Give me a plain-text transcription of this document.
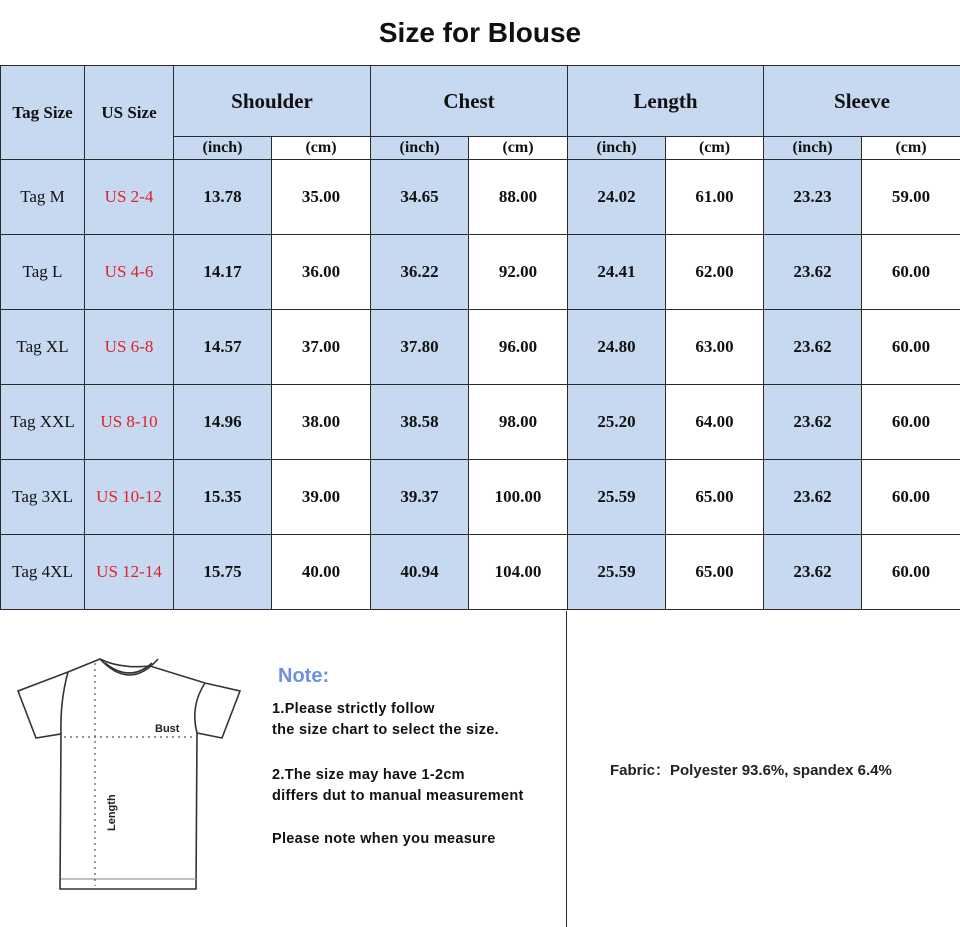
Size for Blouse
Tag Size	US Size	Shoulder		Chest		Length		Sleeve	
		(inch)	(cm)	(inch)	(cm)	(inch)	(cm)	(inch)	(cm)
Tag M	US 2-4	13.78	35.00	34.65	88.00	24.02	61.00	23.23	59.00
Tag L	US 4-6	14.17	36.00	36.22	92.00	24.41	62.00	23.62	60.00
Tag XL	US 6-8	14.57	37.00	37.80	96.00	24.80	63.00	23.62	60.00
Tag XXL	US 8-10	14.96	38.00	38.58	98.00	25.20	64.00	23.62	60.00
Tag 3XL	US 10-12	15.35	39.00	39.37	100.00	25.59	65.00	23.62	60.00
Tag 4XL	US 12-14	15.75	40.00	40.94	104.00	25.59	65.00	23.62	60.00
Bust
Length
Note:
1.Please strictly follow
the size chart to select the size.
2.The size may have 1-2cm
differs dut to manual measurement
Please note when you measure
Fabric：Polyester 93.6%, spandex 6.4%
